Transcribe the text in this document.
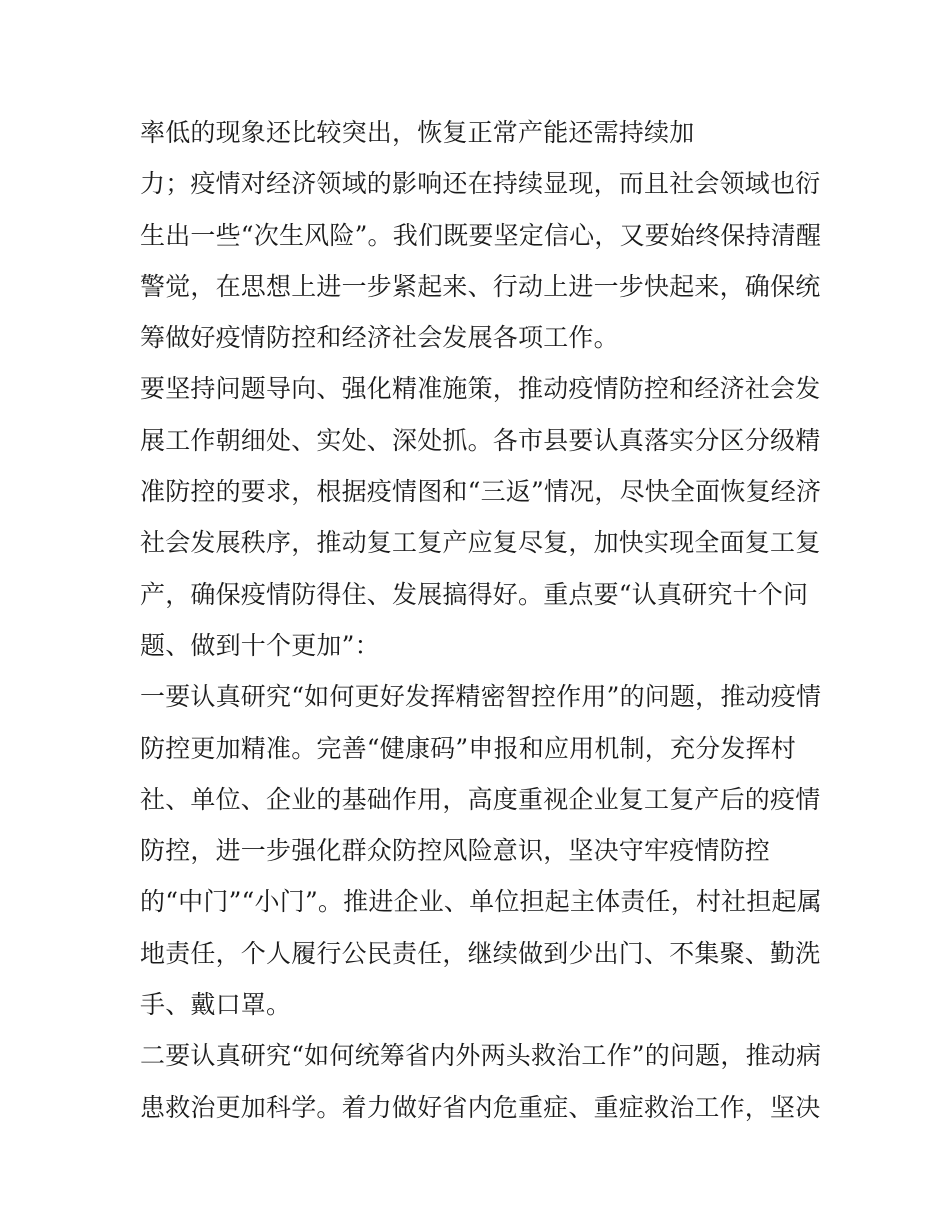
率低的现象还比较突出，恢复正常产能还需持续加
力；疫情对经济领域的影响还在持续显现，而且社会领域也衍
生出一些“次生风险”。我们既要坚定信心，又要始终保持清醒
警觉，在思想上进一步紧起来、行动上进一步快起来，确保统
筹做好疫情防控和经济社会发展各项工作。
要坚持问题导向、强化精准施策，推动疫情防控和经济社会发
展工作朝细处、实处、深处抓。各市县要认真落实分区分级精
准防控的要求，根据疫情图和“三返”情况，尽快全面恢复经济
社会发展秩序，推动复工复产应复尽复，加快实现全面复工复
产，确保疫情防得住、发展搞得好。重点要“认真研究十个问
题、做到十个更加”：
一要认真研究“如何更好发挥精密智控作用”的问题，推动疫情
防控更加精准。完善“健康码”申报和应用机制，充分发挥村
社、单位、企业的基础作用，高度重视企业复工复产后的疫情
防控，进一步强化群众防控风险意识，坚决守牢疫情防控
的“中门”“小门”。推进企业、单位担起主体责任，村社担起属
地责任，个人履行公民责任，继续做到少出门、不集聚、勤洗
手、戴口罩。
二要认真研究“如何统筹省内外两头救治工作”的问题，推动病
患救治更加科学。着力做好省内危重症、重症救治工作，坚决
